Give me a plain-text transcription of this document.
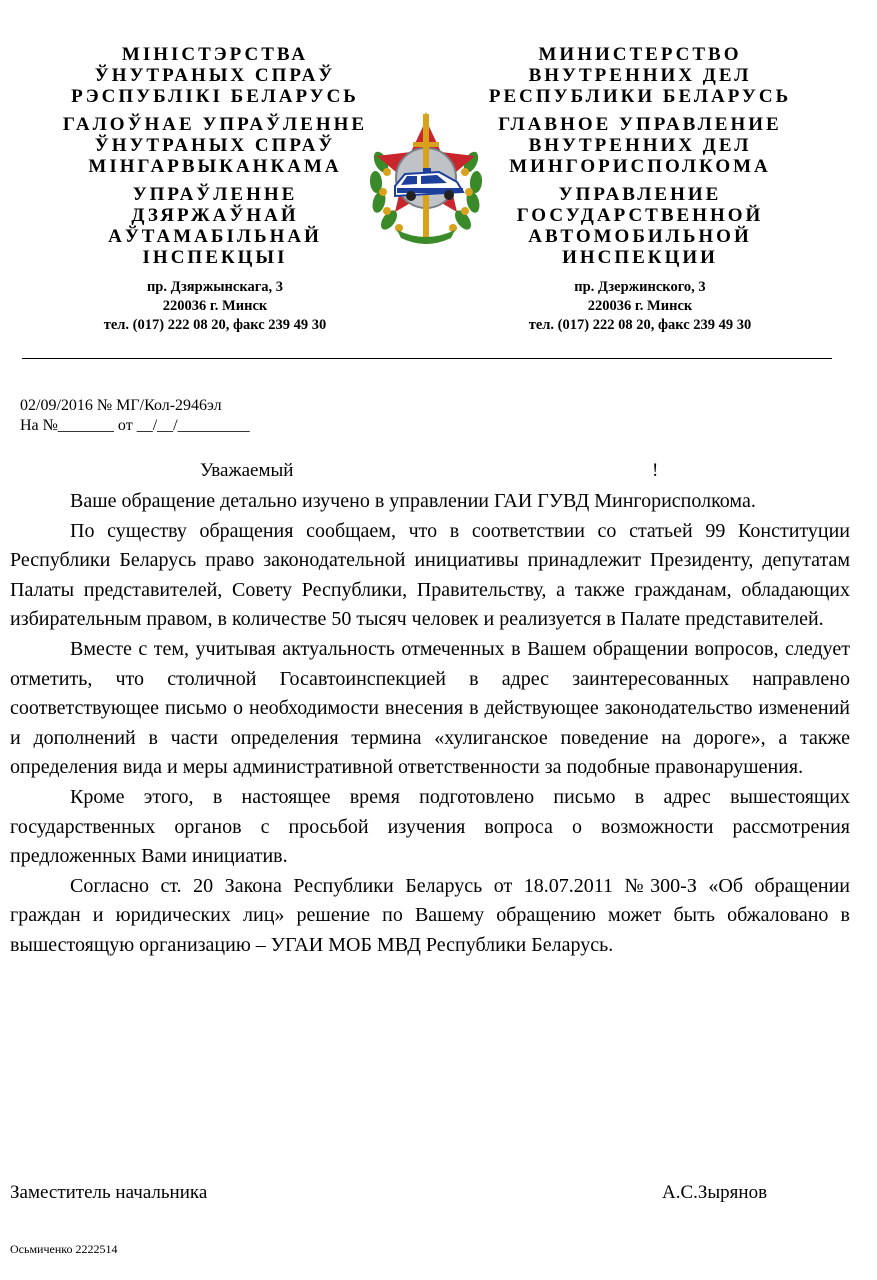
МІНІСТЭРСТВА

ЎНУТРАНЫХ СПРАЎ

РЭСПУБЛІКІ БЕЛАРУСЬ

ГАЛОЎНАЕ УПРАЎЛЕННЕ

ЎНУТРАНЫХ СПРАЎ

МІНГАРВЫКАНКАМА

УПРАЎЛЕННЕ

ДЗЯРЖАЎНАЙ

АЎТАМАБІЛЬНАЙ

ІНСПЕКЦЫІ

пр. Дзяржынскага, 3
220036 г. Минск
тел. (017) 222 08 20, факс 239 49 30

МИНИСТЕРСТВО

ВНУТРЕННИХ ДЕЛ

РЕСПУБЛИКИ БЕЛАРУСЬ

ГЛАВНОЕ УПРАВЛЕНИЕ

ВНУТРЕННИХ ДЕЛ

МИНГОРИСПОЛКОМА

УПРАВЛЕНИЕ

ГОСУДАРСТВЕННОЙ

АВТОМОБИЛЬНОЙ

ИНСПЕКЦИИ

пр. Дзержинского, 3
220036 г. Минск
тел. (017) 222 08 20, факс 239 49 30
02/09/2016 № МГ/Кол-2946эл
На №_______ от __/__/_________
Уважаемый	!

Ваше обращение детально изучено в управлении ГАИ ГУВД Мингорисполкома.

По существу обращения сообщаем, что в соответствии со статьей 99 Конституции Республики Беларусь право законодательной инициативы принадлежит Президенту, депутатам Палаты представителей, Совету Республики, Правительству, а также гражданам, обладающих избирательным правом, в количестве 50 тысяч человек и реализуется в Палате представителей.

Вместе с тем, учитывая актуальность отмеченных в Вашем обращении вопросов, следует отметить, что столичной Госавтоинспекцией в адрес заинтересованных направлено соответствующее письмо о необходимости внесения в действующее законодательство изменений и дополнений в части определения термина «хулиганское поведение на дороге», а также определения вида и меры административной ответственности за подобные правонарушения.

Кроме этого, в настоящее время подготовлено письмо в адрес вышестоящих государственных органов с просьбой изучения вопроса о возможности рассмотрения предложенных Вами инициатив.

Согласно ст. 20 Закона Республики Беларусь от 18.07.2011 №300-З «Об обращении граждан и юридических лиц» решение по Вашему обращению может быть обжаловано в вышестоящую организацию – УГАИ МОБ МВД Республики Беларусь.

Заместитель начальника	А.С.Зырянов
Осьмиченко 2222514
